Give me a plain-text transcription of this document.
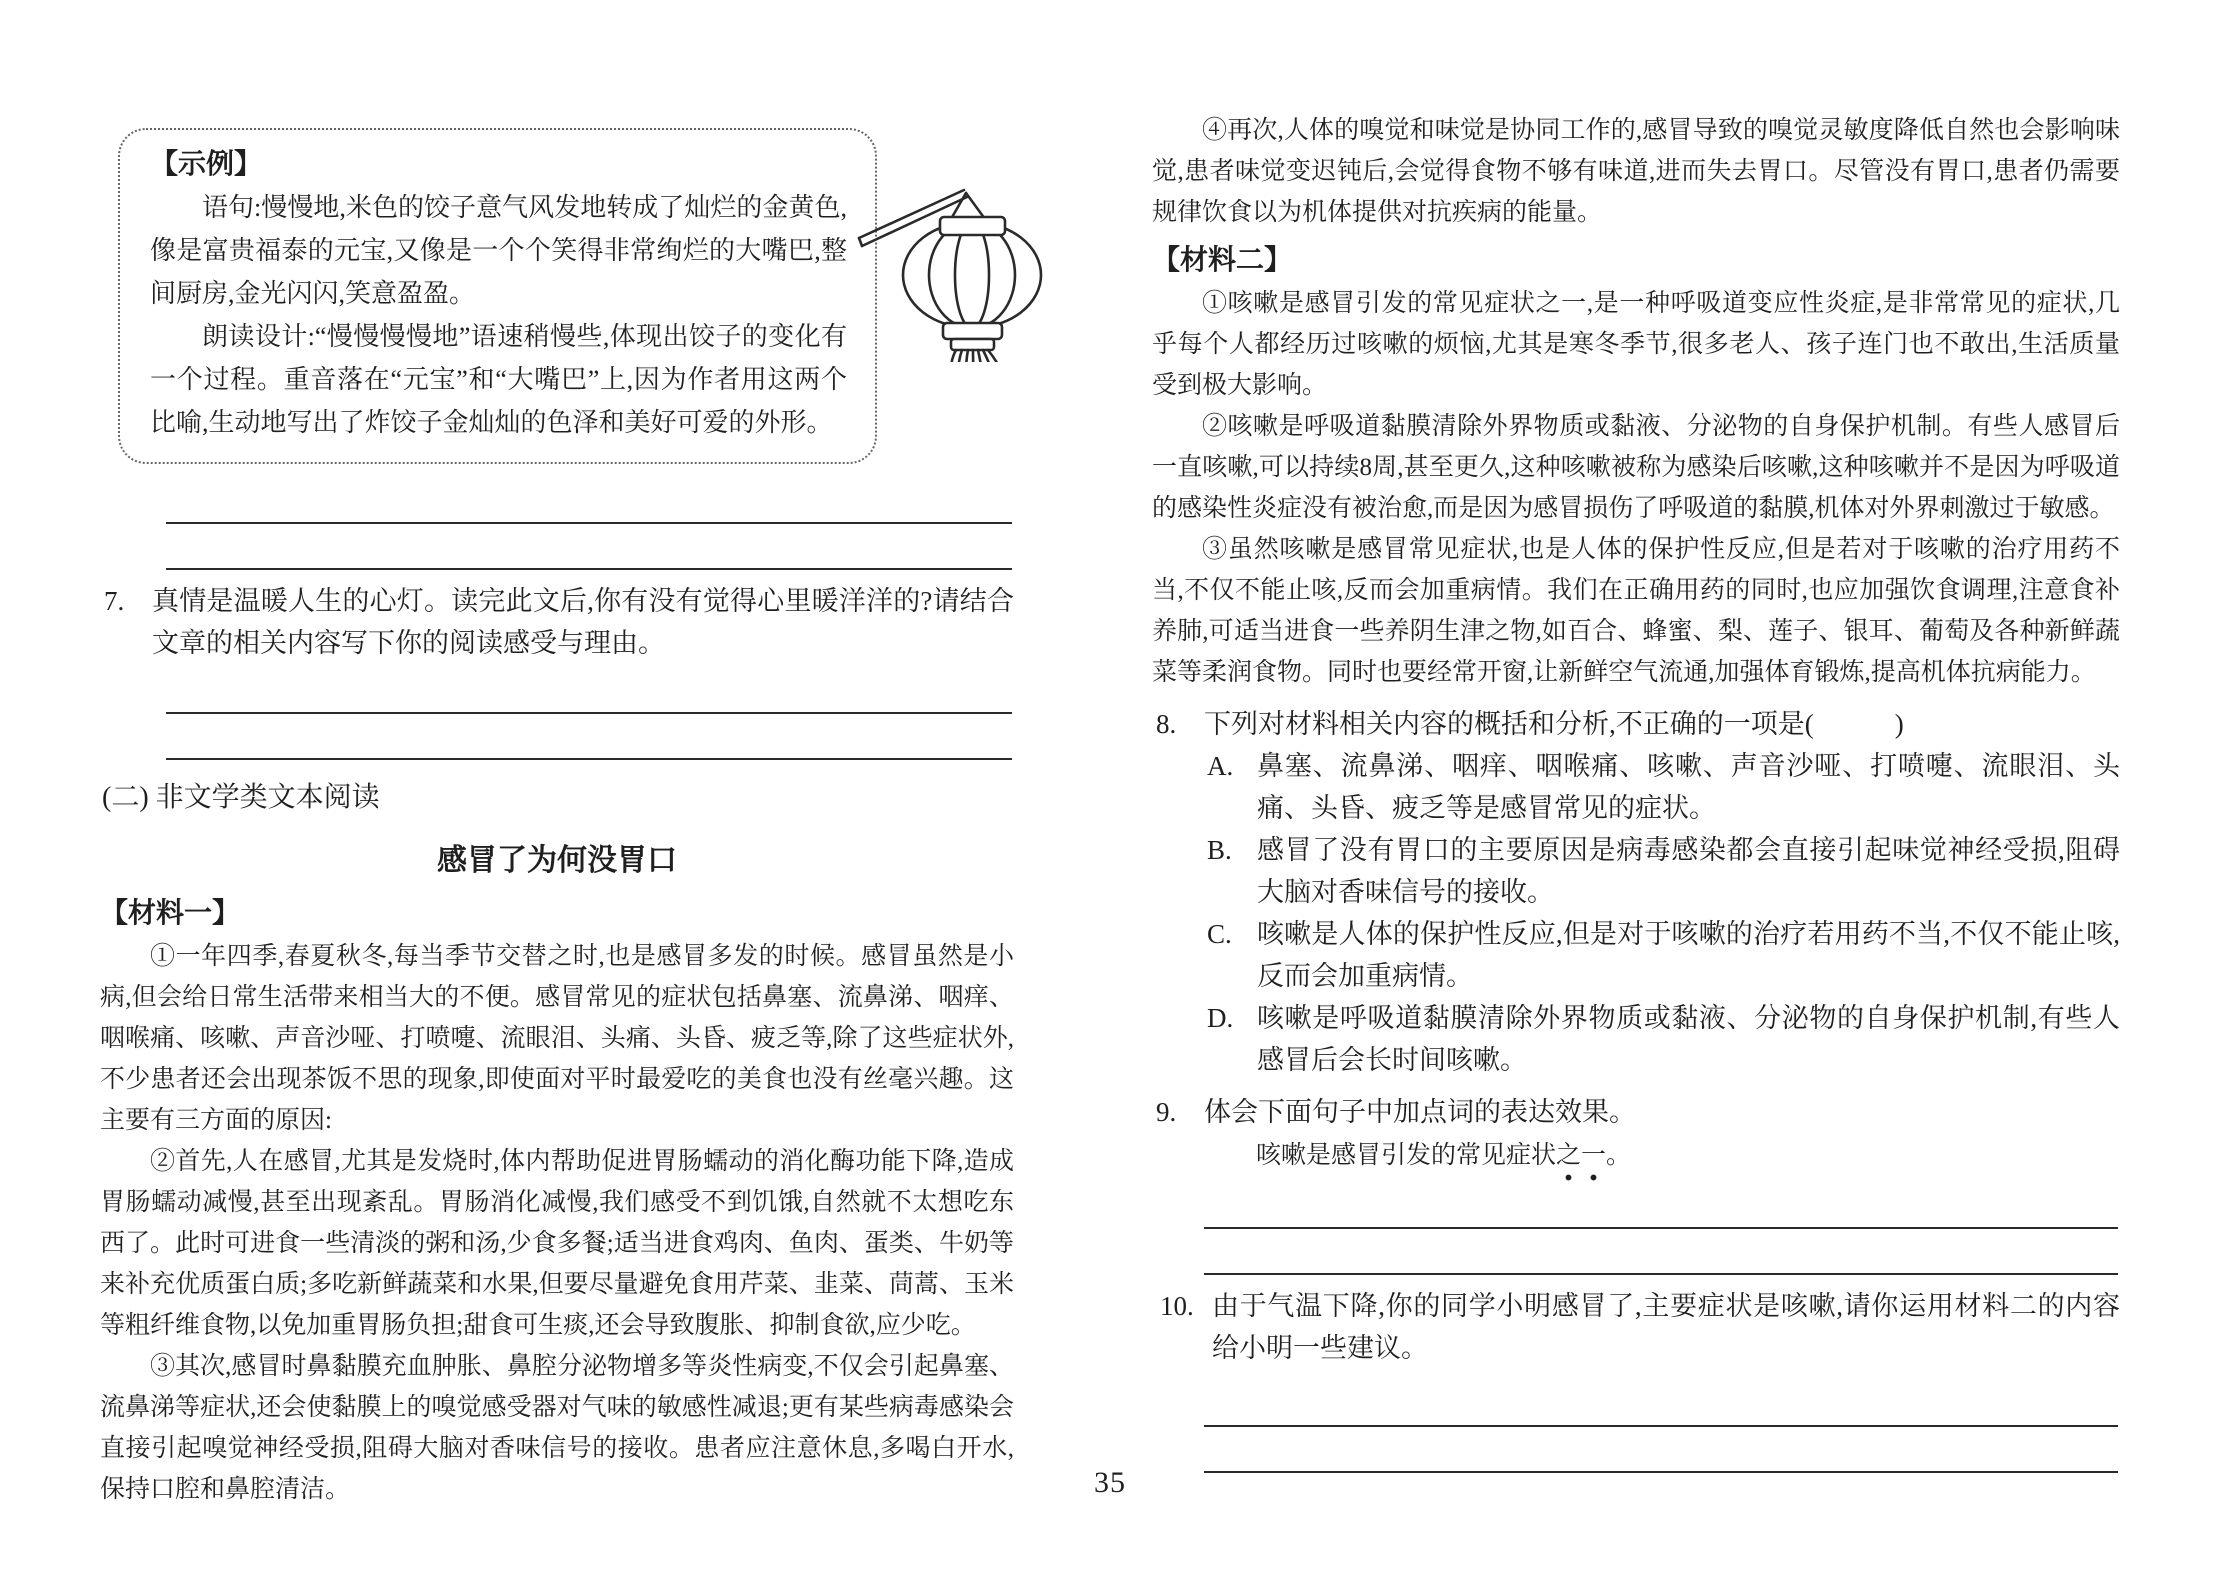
【示例】

语句:慢慢地,米色的饺子意气风发地转成了灿烂的金黄色,像是富贵福泰的元宝,又像是一个个笑得非常绚烂的大嘴巴,整间厨房,金光闪闪,笑意盈盈。

朗读设计:“慢慢慢慢地”语速稍慢些,体现出饺子的变化有一个过程。重音落在“元宝”和“大嘴巴”上,因为作者用这两个比喻,生动地写出了炸饺子金灿灿的色泽和美好可爱的外形。

7. 真情是温暖人生的心灯。读完此文后,你有没有觉得心里暖洋洋的?请结合文章的相关内容写下你的阅读感受与理由。
(二) 非文学类文本阅读
感冒了为何没胃口
【材料一】

①一年四季,春夏秋冬,每当季节交替之时,也是感冒多发的时候。感冒虽然是小病,但会给日常生活带来相当大的不便。感冒常见的症状包括鼻塞、流鼻涕、咽痒、咽喉痛、咳嗽、声音沙哑、打喷嚏、流眼泪、头痛、头昏、疲乏等,除了这些症状外,不少患者还会出现茶饭不思的现象,即使面对平时最爱吃的美食也没有丝毫兴趣。这主要有三方面的原因:

②首先,人在感冒,尤其是发烧时,体内帮助促进胃肠蠕动的消化酶功能下降,造成胃肠蠕动减慢,甚至出现紊乱。胃肠消化减慢,我们感受不到饥饿,自然就不太想吃东西了。此时可进食一些清淡的粥和汤,少食多餐;适当进食鸡肉、鱼肉、蛋类、牛奶等来补充优质蛋白质;多吃新鲜蔬菜和水果,但要尽量避免食用芹菜、韭菜、茼蒿、玉米等粗纤维食物,以免加重胃肠负担;甜食可生痰,还会导致腹胀、抑制食欲,应少吃。

③其次,感冒时鼻黏膜充血肿胀、鼻腔分泌物增多等炎性病变,不仅会引起鼻塞、流鼻涕等症状,还会使黏膜上的嗅觉感受器对气味的敏感性减退;更有某些病毒感染会直接引起嗅觉神经受损,阻碍大脑对香味信号的接收。患者应注意休息,多喝白开水,保持口腔和鼻腔清洁。

④再次,人体的嗅觉和味觉是协同工作的,感冒导致的嗅觉灵敏度降低自然也会影响味觉,患者味觉变迟钝后,会觉得食物不够有味道,进而失去胃口。尽管没有胃口,患者仍需要规律饮食以为机体提供对抗疾病的能量。

【材料二】

①咳嗽是感冒引发的常见症状之一,是一种呼吸道变应性炎症,是非常常见的症状,几乎每个人都经历过咳嗽的烦恼,尤其是寒冬季节,很多老人、孩子连门也不敢出,生活质量受到极大影响。

②咳嗽是呼吸道黏膜清除外界物质或黏液、分泌物的自身保护机制。有些人感冒后一直咳嗽,可以持续8周,甚至更久,这种咳嗽被称为感染后咳嗽,这种咳嗽并不是因为呼吸道的感染性炎症没有被治愈,而是因为感冒损伤了呼吸道的黏膜,机体对外界刺激过于敏感。

③虽然咳嗽是感冒常见症状,也是人体的保护性反应,但是若对于咳嗽的治疗用药不当,不仅不能止咳,反而会加重病情。我们在正确用药的同时,也应加强饮食调理,注意食补养肺,可适当进食一些养阴生津之物,如百合、蜂蜜、梨、莲子、银耳、葡萄及各种新鲜蔬菜等柔润食物。同时也要经常开窗,让新鲜空气流通,加强体育锻炼,提高机体抗病能力。

8. 下列对材料相关内容的概括和分析,不正确的一项是(　　　)
A. 鼻塞、流鼻涕、咽痒、咽喉痛、咳嗽、声音沙哑、打喷嚏、流眼泪、头痛、头昏、疲乏等是感冒常见的症状。
B. 感冒了没有胃口的主要原因是病毒感染都会直接引起味觉神经受损,阻碍大脑对香味信号的接收。
C. 咳嗽是人体的保护性反应,但是对于咳嗽的治疗若用药不当,不仅不能止咳,反而会加重病情。
D. 咳嗽是呼吸道黏膜清除外界物质或黏液、分泌物的自身保护机制,有些人感冒后会长时间咳嗽。
9. 体会下面句子中加点词的表达效果。
咳嗽是感冒引发的常见症状之一。
10. 由于气温下降,你的同学小明感冒了,主要症状是咳嗽,请你运用材料二的内容给小明一些建议。
35
